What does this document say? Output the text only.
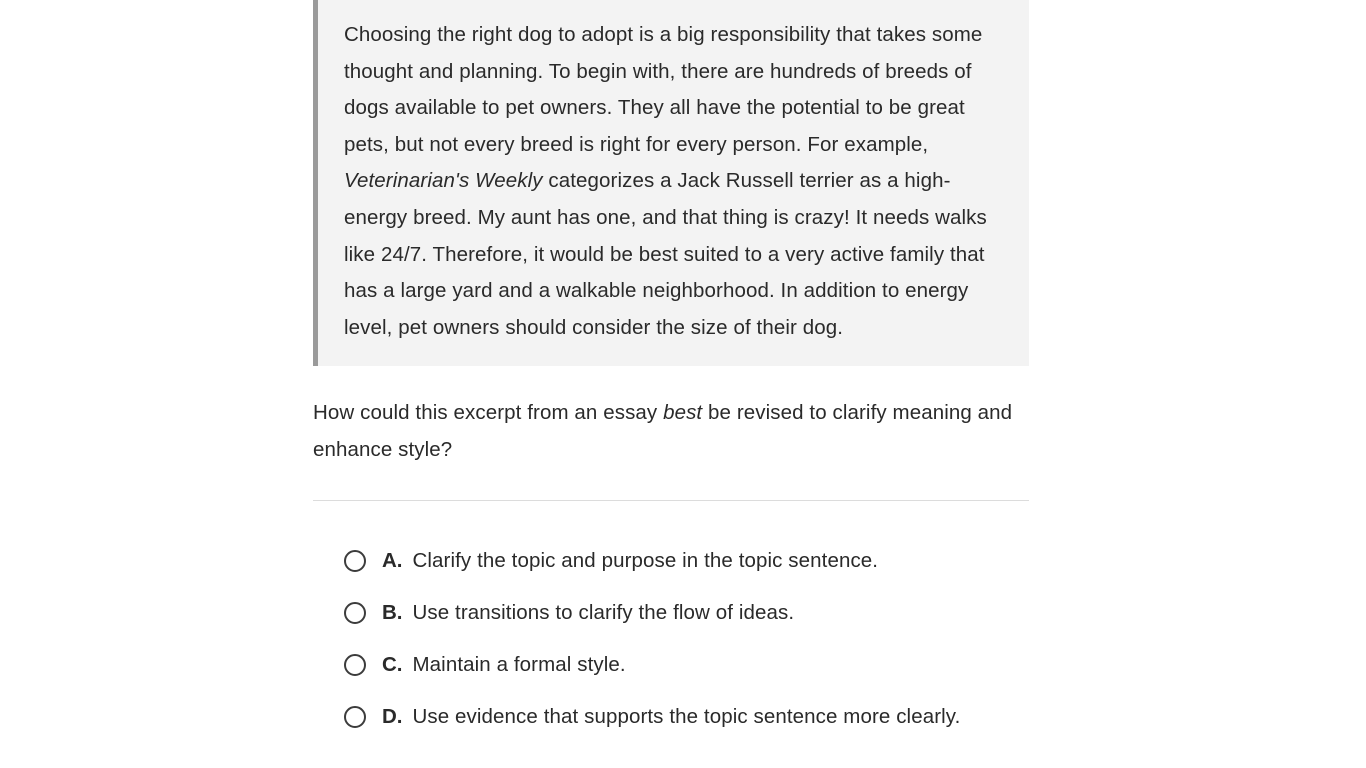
Choosing the right dog to adopt is a big responsibility that takes some thought and planning. To begin with, there are hundreds of breeds of dogs available to pet owners. They all have the potential to be great pets, but not every breed is right for every person. For example, Veterinarian's Weekly categorizes a Jack Russell terrier as a high-energy breed. My aunt has one, and that thing is crazy! It needs walks like 24/7. Therefore, it would be best suited to a very active family that has a large yard and a walkable neighborhood. In addition to energy level, pet owners should consider the size of their dog.
How could this excerpt from an essay best be revised to clarify meaning and enhance style?
A. Clarify the topic and purpose in the topic sentence.
B. Use transitions to clarify the flow of ideas.
C. Maintain a formal style.
D. Use evidence that supports the topic sentence more clearly.
